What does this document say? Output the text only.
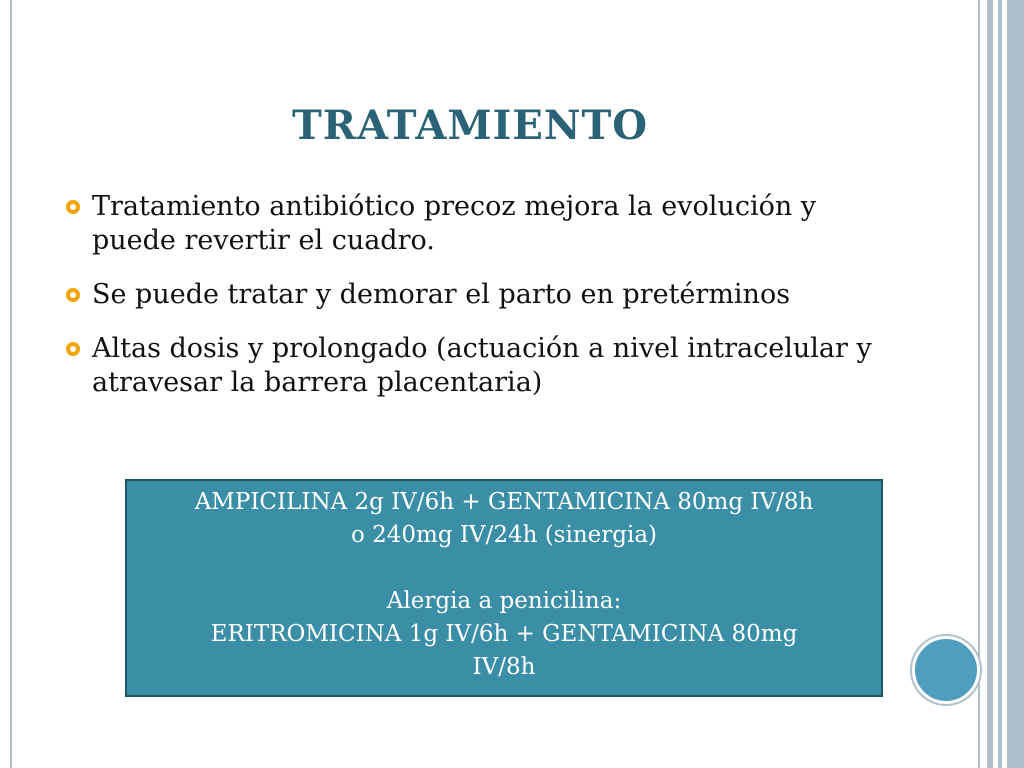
TRATAMIENTO
Tratamiento antibiótico precoz mejora la evolución y puede revertir el cuadro.
Se puede tratar y demorar el parto en pretérminos
Altas dosis y prolongado (actuación a nivel intracelular y atravesar la barrera placentaria)
AMPICILINA 2g IV/6h + GENTAMICINA 80mg IV/8h
o 240mg IV/24h (sinergia)
Alergia a penicilina:
ERITROMICINA 1g IV/6h + GENTAMICINA 80mg
IV/8h
